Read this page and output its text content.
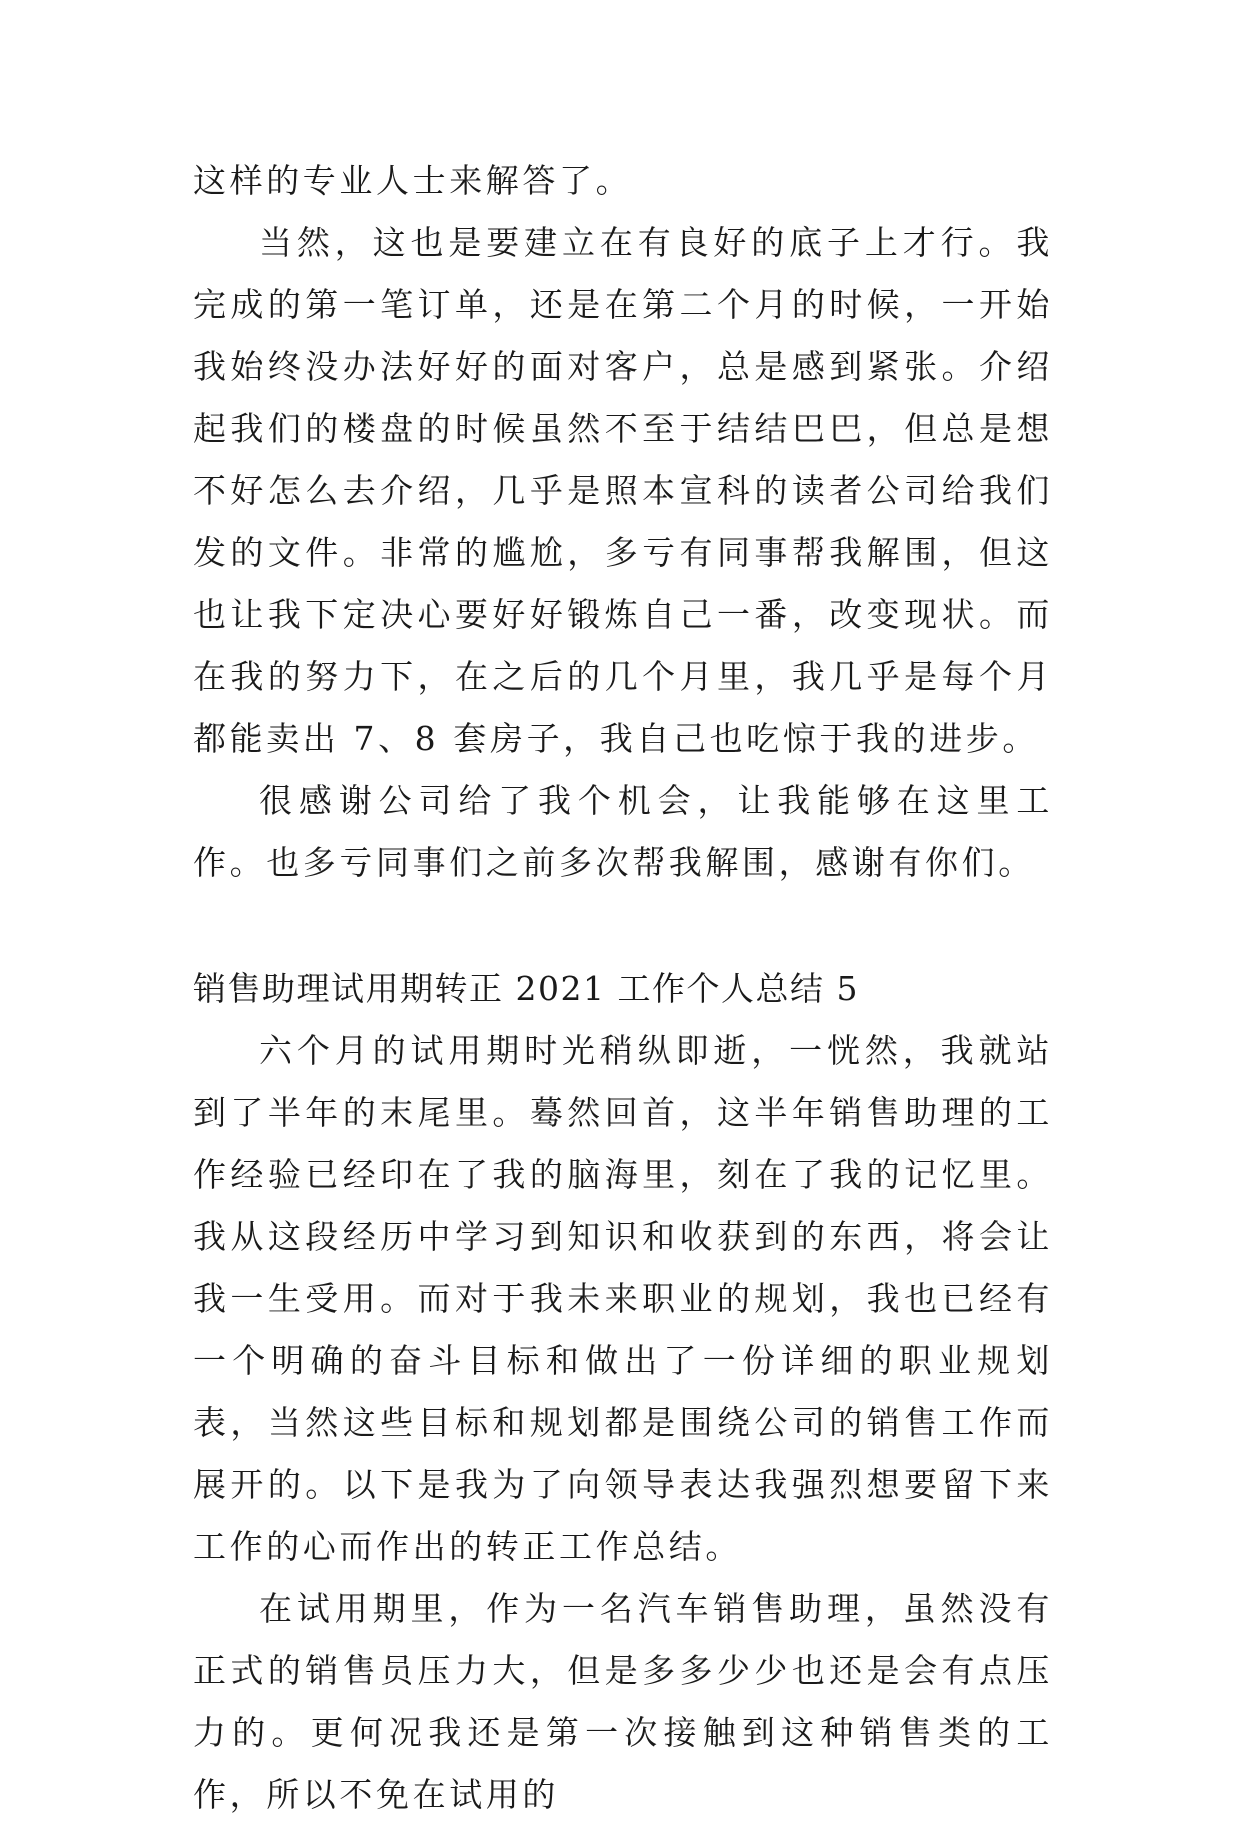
这样的专业人士来解答了。

当然，这也是要建立在有良好的底子上才行。我完成的第一笔订单，还是在第二个月的时候，一开始我始终没办法好好的面对客户，总是感到紧张。介绍起我们的楼盘的时候虽然不至于结结巴巴，但总是想不好怎么去介绍，几乎是照本宣科的读者公司给我们发的文件。非常的尴尬，多亏有同事帮我解围，但这也让我下定决心要好好锻炼自己一番，改变现状。而在我的努力下，在之后的几个月里，我几乎是每个月都能卖出 7、8 套房子，我自己也吃惊于我的进步。

很感谢公司给了我个机会，让我能够在这里工作。也多亏同事们之前多次帮我解围，感谢有你们。

销售助理试用期转正 2021 工作个人总结 5

六个月的试用期时光稍纵即逝，一恍然，我就站到了半年的末尾里。蓦然回首，这半年销售助理的工作经验已经印在了我的脑海里，刻在了我的记忆里。我从这段经历中学习到知识和收获到的东西，将会让我一生受用。而对于我未来职业的规划，我也已经有一个明确的奋斗目标和做出了一份详细的职业规划表，当然这些目标和规划都是围绕公司的销售工作而展开的。以下是我为了向领导表达我强烈想要留下来工作的心而作出的转正工作总结。

在试用期里，作为一名汽车销售助理，虽然没有正式的销售员压力大，但是多多少少也还是会有点压力的。更何况我还是第一次接触到这种销售类的工作，所以不免在试用的
